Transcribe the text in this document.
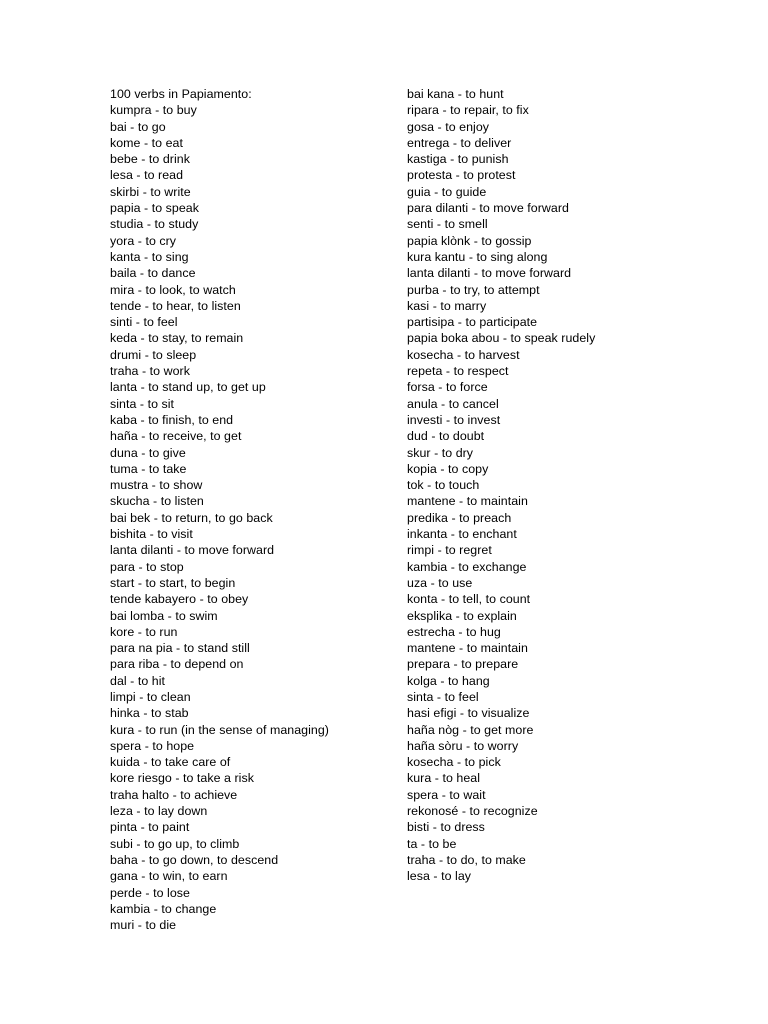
100 verbs in Papiamento:
kumpra - to buy
bai - to go
kome - to eat
bebe - to drink
lesa - to read
skirbi - to write
papia - to speak
studia - to study
yora - to cry
kanta - to sing
baila - to dance
mira - to look, to watch
tende - to hear, to listen
sinti - to feel
keda - to stay, to remain
drumi - to sleep
traha - to work
lanta - to stand up, to get up
sinta - to sit
kaba - to finish, to end
haña - to receive, to get
duna - to give
tuma - to take
mustra - to show
skucha - to listen
bai bek - to return, to go back
bishita - to visit
lanta dilanti - to move forward
para - to stop
start - to start, to begin
tende kabayero - to obey
bai lomba - to swim
kore - to run
para na pia - to stand still
para riba - to depend on
dal - to hit
limpi - to clean
hinka - to stab
kura - to run (in the sense of managing)
spera - to hope
kuida - to take care of
kore riesgo - to take a risk
traha halto - to achieve
leza - to lay down
pinta - to paint
subi - to go up, to climb
baha - to go down, to descend
gana - to win, to earn
perde - to lose
kambia - to change
muri - to die
bai kana - to hunt
ripara - to repair, to fix
gosa - to enjoy
entrega - to deliver
kastiga - to punish
protesta - to protest
guia - to guide
para dilanti - to move forward
senti - to smell
papia klònk - to gossip
kura kantu - to sing along
lanta dilanti - to move forward
purba - to try, to attempt
kasi - to marry
partisipa - to participate
papia boka abou - to speak rudely
kosecha - to harvest
repeta - to respect
forsa - to force
anula - to cancel
investi - to invest
dud - to doubt
skur - to dry
kopia - to copy
tok - to touch
mantene - to maintain
predika - to preach
inkanta - to enchant
rimpi - to regret
kambia - to exchange
uza - to use
konta - to tell, to count
eksplika - to explain
estrecha - to hug
mantene - to maintain
prepara - to prepare
kolga - to hang
sinta - to feel
hasi efigi - to visualize
haña nòg - to get more
haña sòru - to worry
kosecha - to pick
kura - to heal
spera - to wait
rekonosé - to recognize
bisti - to dress
ta - to be
traha - to do, to make
lesa - to lay
